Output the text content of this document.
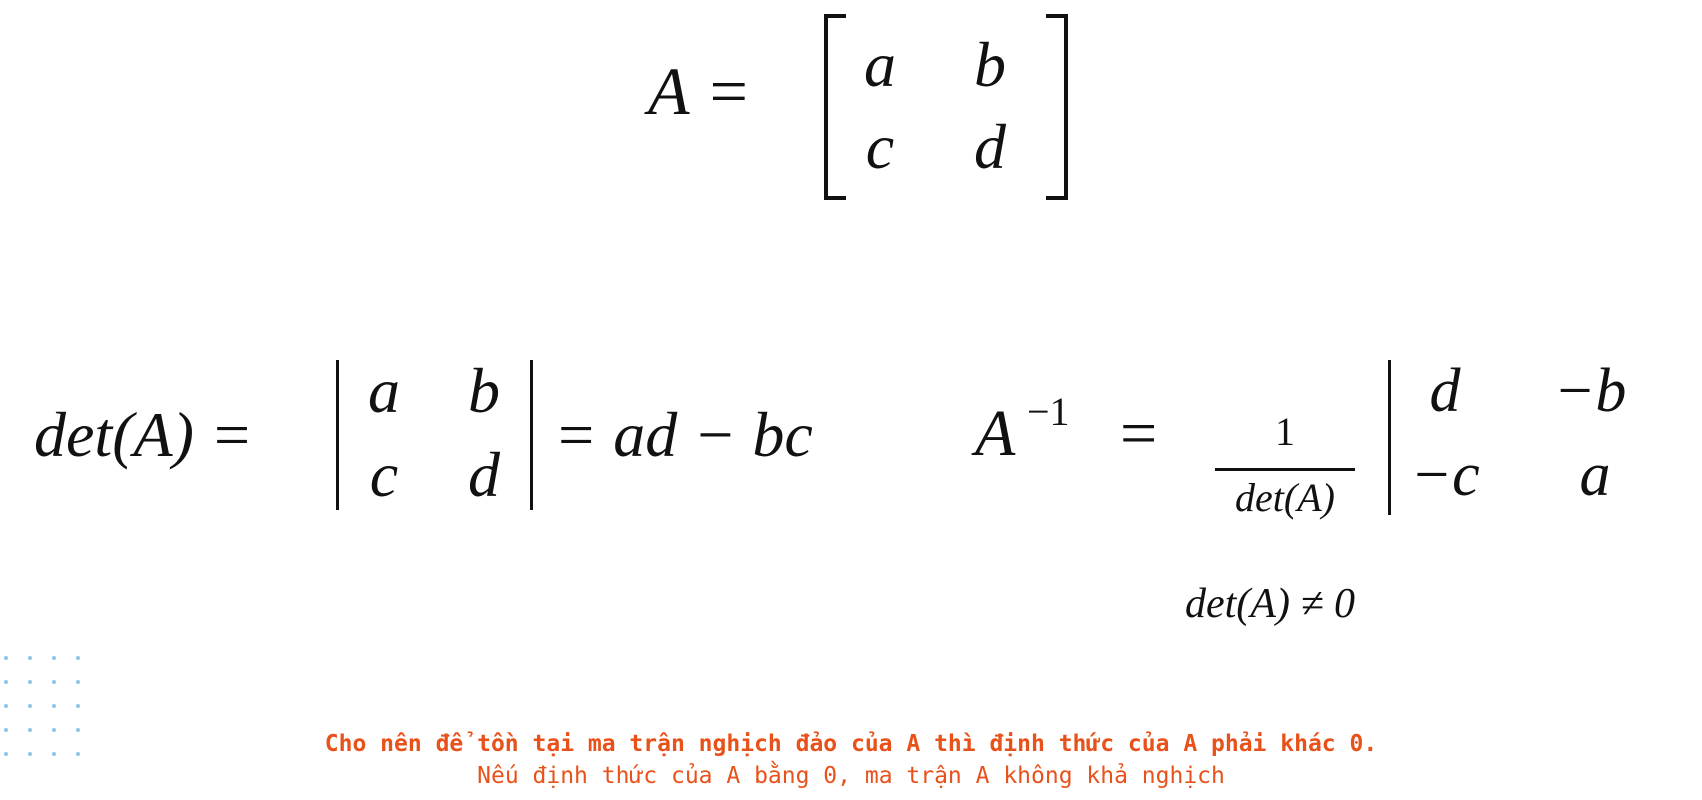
A =	a	b
c	d
det(A) =
a	b
c	d
= ad − bc A −1 =	1
det(A)
d	−b
−c	a
det(A) ≠ 0
Cho nên để tồn tại ma trận nghịch đảo của A thì định thức của A phải khác 0.
Nếu định thức của A bằng 0, ma trận A không khả nghịch
